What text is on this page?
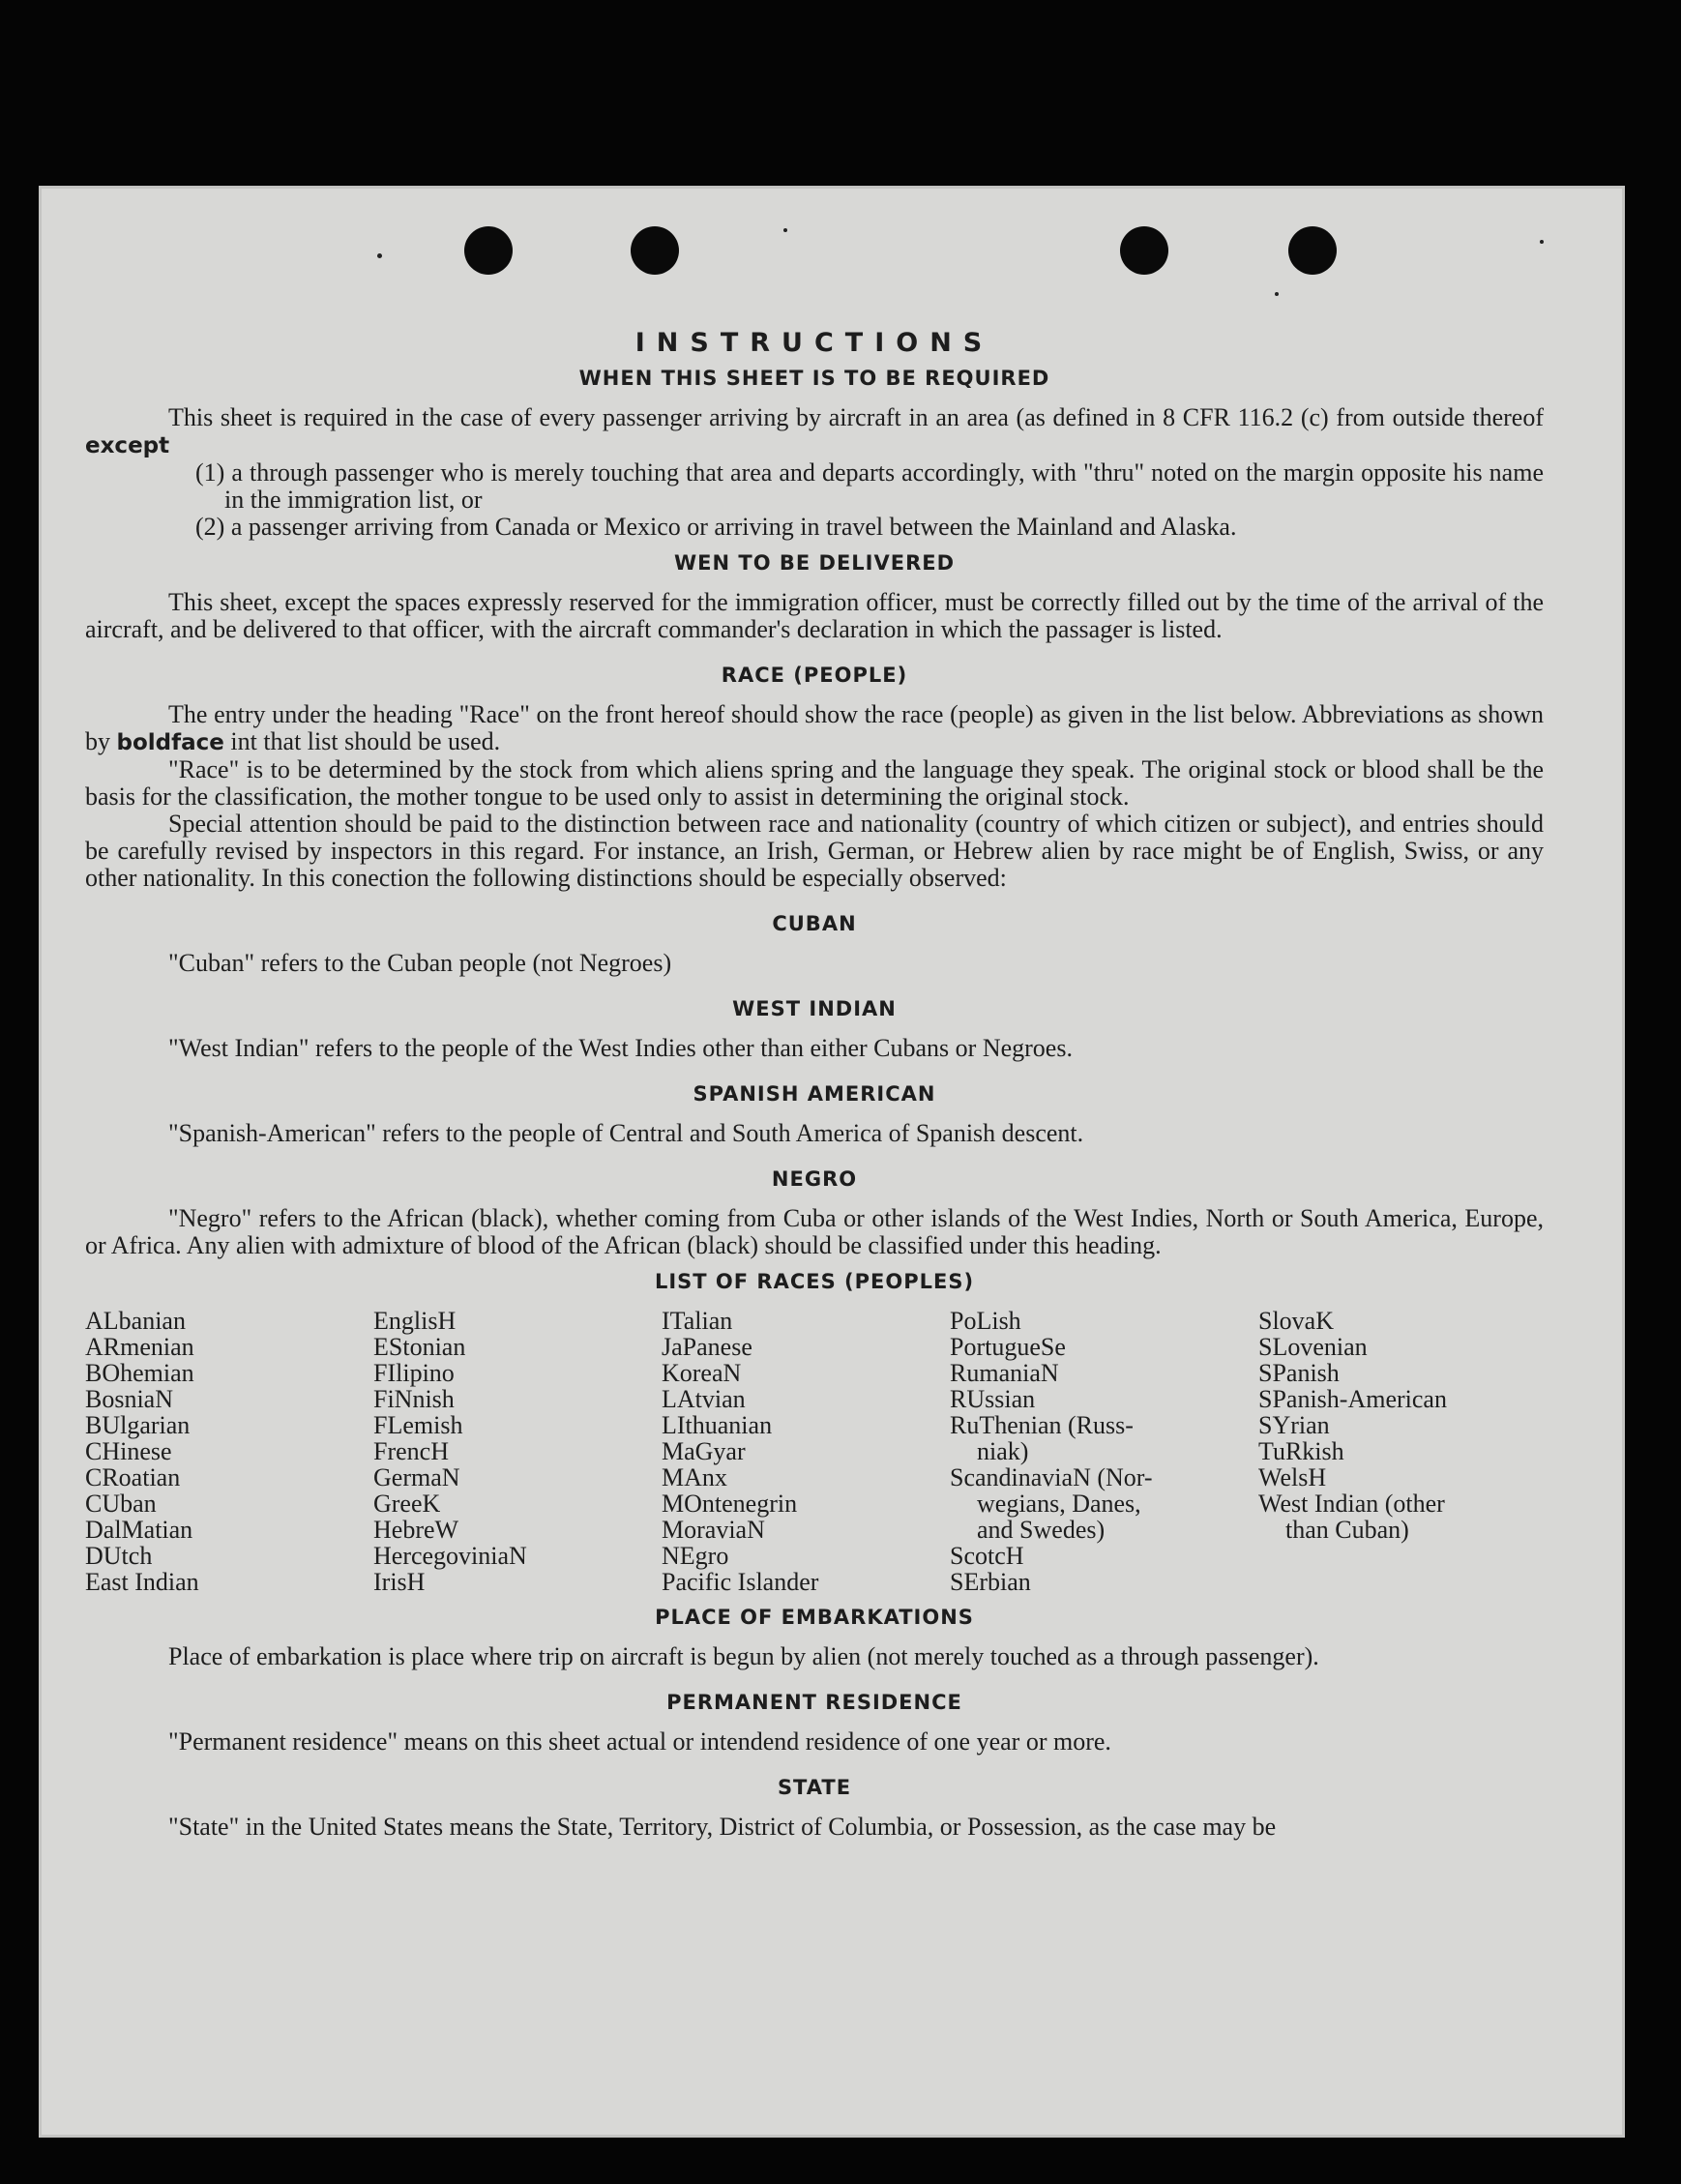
INSTRUCTIONS
WHEN THIS SHEET IS TO BE REQUIRED

This sheet is required in the case of every passenger arriving by aircraft in an area (as defined in 8 CFR 116.2 (c) from outside thereof except

(1) a through passenger who is merely touching that area and departs accordingly, with "thru" noted on the margin opposite his name in the immigration list, or

(2) a passenger arriving from Canada or Mexico or arriving in travel between the Mainland and Alaska.

WEN TO BE DELIVERED

This sheet, except the spaces expressly reserved for the immigration officer, must be correctly filled out by the time of the arrival of the aircraft, and be delivered to that officer, with the aircraft commander's declaration in which the passager is listed.

RACE (PEOPLE)

The entry under the heading "Race" on the front hereof should show the race (people) as given in the list below. Abbreviations as shown by boldface int that list should be used.

"Race" is to be determined by the stock from which aliens spring and the language they speak. The original stock or blood shall be the basis for the classification, the mother tongue to be used only to assist in determining the original stock.

Special attention should be paid to the distinction between race and nationality (country of which citizen or subject), and entries should be carefully revised by inspectors in this regard. For instance, an Irish, German, or Hebrew alien by race might be of English, Swiss, or any other nationality. In this conection the following distinctions should be especially observed:

CUBAN

"Cuban" refers to the Cuban people (not Negroes)

WEST INDIAN

"West Indian" refers to the people of the West Indies other than either Cubans or Negroes.

SPANISH AMERICAN

"Spanish-American" refers to the people of Central and South America of Spanish descent.

NEGRO

"Negro" refers to the African (black), whether coming from Cuba or other islands of the West Indies, North or South America, Europe, or Africa. Any alien with admixture of blood of the African (black) should be classified under this heading.

LIST OF RACES (PEOPLES)
ALbanian
ARmenian
BOhemian
BosniaN
BUlgarian
CHinese
CRoatian
CUban
DalMatian
DUtch
East Indian
EnglisH
EStonian
FIlipino
FiNnish
FLemish
FrencH
GermaN
GreeK
HebreW
HercegoviniaN
IrisH
ITalian
JaPanese
KoreaN
LAtvian
LIthuanian
MaGyar
MAnx
MOntenegrin
MoraviaN
NEgro
Pacific Islander
PoLish
PortugueSe
RumaniaN
RUssian
RuThenian (Russ-
niak)
ScandinaviaN (Nor-
wegians, Danes,
and Swedes)
ScotcH
SErbian
SlovaK
SLovenian
SPanish
SPanish-American
SYrian
TuRkish
WelsH
West Indian (other
than Cuban)
PLACE OF EMBARKATIONS

Place of embarkation is place where trip on aircraft is begun by alien (not merely touched as a through passenger).

PERMANENT RESIDENCE

"Permanent residence" means on this sheet actual or intendend residence of one year or more.

STATE

"State" in the United States means the State, Territory, District of Columbia, or Possession, as the case may be
